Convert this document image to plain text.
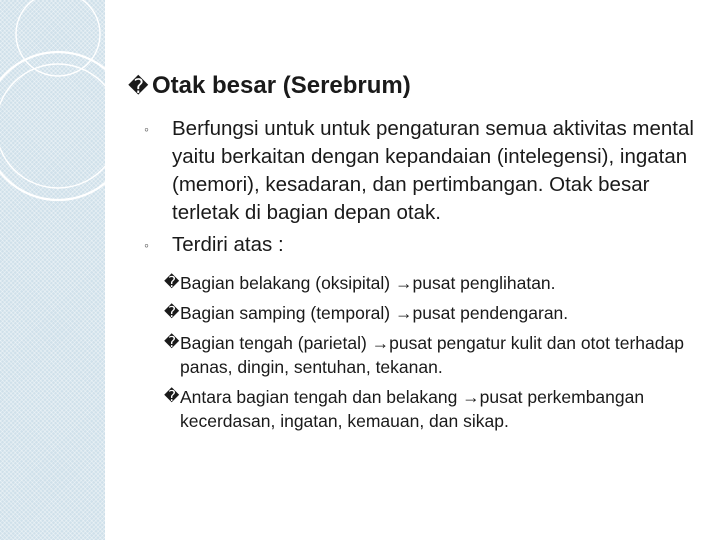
� Otak besar (Serebrum)
◦	Berfungsi untuk untuk pengaturan semua aktivitas mental yaitu berkaitan dengan kepandaian (intelegensi), ingatan (memori), kesadaran, dan pertimbangan. Otak besar terletak di bagian depan otak.
◦	Terdiri atas :
� Bagian belakang (oksipital) →pusat penglihatan.
� Bagian samping (temporal) →pusat pendengaran.
� Bagian tengah (parietal) →pusat pengatur kulit dan otot terhadap panas, dingin, sentuhan, tekanan.
� Antara bagian tengah dan belakang →pusat perkembangan kecerdasan, ingatan, kemauan, dan sikap.
